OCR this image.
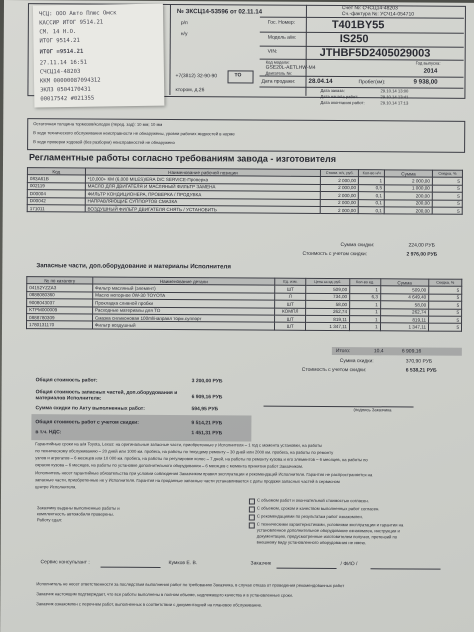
№ ЗКСЦ14-53596 от 02.11.14	Счет №: СЧСЦ14-48203
Сч.-фактура №: УСЧ14-054710
р/п
н/у
+7(3812) 32-90-90
ктором, д.26
ТО
Гос. Номер:	T401BY55
Модель а/м:	IS250
VIN:	JTHBF5D2405029003
Код модели:
GSE20L-AETLHW-M4
Двигатель №:
Год выпуска:
2014
Дата продажи: 28.04.14	Пробег(км):	9 938,00
Дата заказа:	29.10.14 13:00
Дата начала работ:	29.10.14 13:41
Дата окончания работ:	29.10.14 17:13
ЧСЦ: ООО Авто Плюс Омск
КАССИР ИТОГ 9514.21
СМ. 14 Н.О.
ИТОГ 9514.21
ИТОГ =9514.21
27.11.14 16:51
СЧСЦ14-48203
ККМ 00000087094312
ЭКЛЗ 0504170431
00017542 #021355
Остаточная толщина тормозов/колодок (перед. зад): 10 мм; 10 мм
В ходе технического обслуживания неисправности не обнаружены, уровни рабочих жидкостей в норме
В ходе проверки ходовой (без разборки) неисправностей не обнаружено
Регламентные работы согласно требованиям завода - изготовителя
Код	Наименование рабочей позиции	Стоим. н/ч, руб.	Кол-во н/ч	Сумма	Скидка, %
083A61B	*10,000+ КМ (6,000 MILES)/ERA D/C SERVICE-Проверка	2 000,00	1	2 000,00	5
002119	МАСЛО ДЛЯ ДВИГАТЕЛЯ И МАСЛЯНЫЙ ФИЛЬТР ЗАМЕНА	2 000,00	0,5	1 000,00	5
D00004	ФИЛЬТР КОНДИЦИОНЕРА, ПРОВЕРКА / ПРОДУВКА	2 000,00	0,1	200,00	5
D00042	НАПРАВЛЯЮЩИЕ СУППОРТОВ СМАЗКА	2 000,00	0,1	200,00	5
171011	ВОЗДУШНЫЙ ФИЛЬТР ДВИГАТЕЛЯ СНЯТЬ / УСТАНОВИТЬ	2 000,00	0,1	200,00	5
Сумма скидки:	224,00 РУБ
Стоимость с учетом скидки:	2 976,00 РУБ
Запасные части, доп.оборудование и материалы Исполнителя
№ по каталогу	Наименование детали	Ед. изм.	Цена за ед. руб.	Кол-во ед.	Сумма	Скидка, %
04152YZZA3	Фильтр масляный (элемент)	ШТ	509,00	1	509,00	5
0888080360	Масло моторное 0W-30 TOYOTA	Л	734,00	6,3	4 649,40	5
9008043037	Прокладка сливной пробки	ШТ	58,00	1	58,00	5
KTPM000009	Расходные материалы для ТО	КОМПЛ	262,74	1	262,74	5
0888780309	Смазка силиконовая 100ml/направл торм.суппорт	ШТ	819,11	1	819,11	5
1780131170	Фильтр воздушный	ШТ	1 347,11	1	1 347,11	5
Итого:	10,4	6 909,16
Сумма скидки:	370,90 РУБ
Стоимость с учетом скидки:	6 538,21 РУБ
Общая стоимость работ:	3 200,00 РУБ
Общая стоимость запасных частей, доп.оборудования и материалов Исполнителя:	6 909,16 РУБ
Сумма скидки по Акту выполненных работ:	594,95 РУБ
Общая стоимость работ с учетом скидки:	9 514,21 РУБ
в т.ч. НДС:	1 451,31 РУБ
(подпись Заказчика
Гарантийные сроки на а/м Toyota, Lexus: на оригинальные запасные части, приобретенные у Исполнителя – 1 год с момента установки, на работы
по техническому обслуживанию – 20 дней или 1000 км. пробега, на работы по текущему ремонту – 30 дней или 2000 км. пробега, на работы по ремонту
узлов и агрегатов – 6 месяцев или 10 000 км. пробега, на работы по регулировке колес – 7 дней, на работы по ремонту кузова и его элементов – 6 месяцев, на работы по
окраске кузова – 6 месяцев, на работы по установке дополнительного оборудования – 6 месяцев с момента принятия работ Заказчиком.
Исполнитель несет гарантийные обязательства при условии соблюдения Заказчиком правил эксплуатации и рекомендаций Исполнителя. Гарантия не распространяется на
запасные части, приобретенные не у Исполнителя. Гарантия на проданные запасные части устанавливается с даты продажи запасных частей в сервисном
центре Исполнителя.
Заказчику выданы выполненные работы и
комплектность автомобиля проверены.
Работу сдал:
С объемом работ и окончательной стоимостью согласен.
С объемом, сроком и качеством выполненных работ согласен.
С рекомендациями по результатам работ ознакомлен.
С техническими характеристиками, условиями эксплуатации и гарантии на
установленное дополнительное оборудование ознакомлен, инструкции и
документацию, предусмотренные изготовителем получил, претензий по
внешнему виду установленного оборудования не имею.
Сервис консультант :	Кумков Е. В.	Заказчик	/ ФИО /
Исполнитель не несет ответственности за последствия выполнения работ по требованию Заказчика, в случае отказа от проведения рекомендованных работ
Заказчик настоящим подтверждает, что все работы выполнены в полном объеме, надлежащего качества и в установленные сроки.
Заказчик ознакомлен с перечнем работ, выполненных в соответствии с документацией на плановое обслуживание.
